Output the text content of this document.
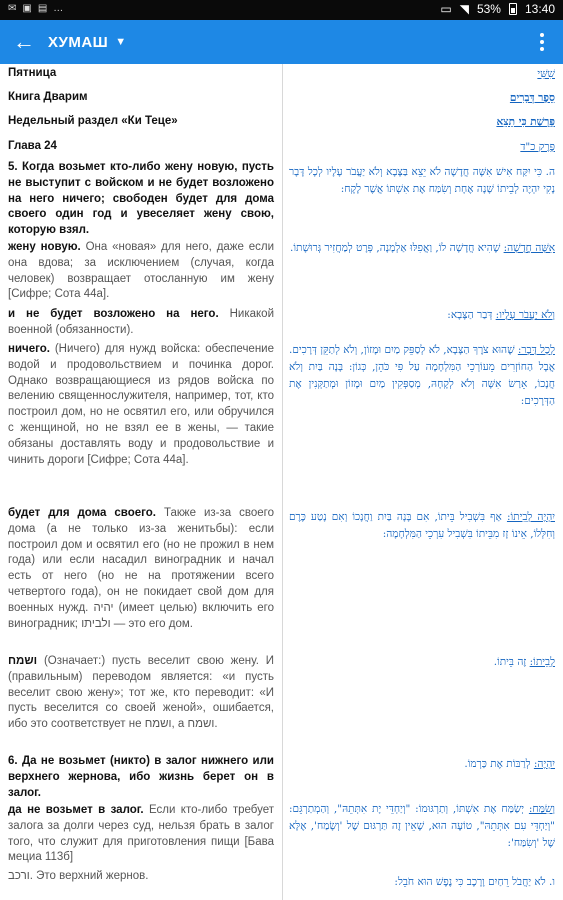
✉ ▣ ▤ …	▭ ◥ 53% 13:40
← ХУМАШ ▼
Пятница
Книга Дварим
Недельный раздел «Ки Теце»
Глава 24
5. Когда возьмет кто-либо жену новую, пусть не выступит с войском и не будет возложено на него ничего; свободен будет для дома своего один год и увеселяет жену свою, которую взял.
жену новую. Она «новая» для него, даже если она вдова; за исключением (случая, когда человек) возвращает отосланную им жену [Сифре; Сота 44а].
и не будет возложено на него. Никакой военной (обязанности).
ничего. (Ничего) для нужд войска: обеспечение водой и продовольствием и починка дорог. Однако возвращающиеся из рядов войска по велению священнослужителя, например, тот, кто построил дом, но не освятил его, или обручился с женщиной, но не взял ее в жены, — такие обязаны доставлять воду и продовольствие и чинить дороги [Сифре; Сота 44а].
будет для дома своего. Также из-за своего дома (а не только из-за женитьбы): если построил дом и освятил его (но не прожил в нем года) или если насадил виноградник и начал есть от него (но не на протяжении всего четвертого года), он не покидает свой дом для военных нужд. יהיה (имеет целью) включить его виноградник; ולביתו — это его дом.
ושמח (Означает:) пусть веселит свою жену. И (правильным) переводом является: «и пусть веселит свою жену»; тот же, кто переводит: «И пусть веселится со своей женой», ошибается, ибо это соответствует не ושמח, а ושמח.
6. Да не возьмет (никто) в залог нижнего или верхнего жернова, ибо жизнь берет он в залог.
да не возьмет в залог. Если кто-либо требует залога за долги через суд, нельзя брать в залог того, что служит для приготовления пищи [Бава мециа 113б]
ורכב. Это верхний жернов.
שִׁשִּׁי
סֵפֶר דְּבָרִים
פָּרָשַׁת כִּי תֵצֵא
פֶּרֶק כ"ד
ה. כִּי יִקַּח אִישׁ אִשָּׁה חֲדָשָׁה לֹא יֵצֵא בַּצָּבָא וְלֹא יַעֲבֹר עָלָיו לְכָל דָּבָר נָקִי יִהְיֶה לְבֵיתוֹ שָׁנָה אֶחָת וְשִׂמַּח אֶת אִשְׁתּוֹ אֲשֶׁר לָקָח:
אִשָּׁה חֲדָשָׁה: שֶׁהִיא חֲדָשָׁה לוֹ, וַאֲפִלּוּ אַלְמָנָה, פְּרָט לְמַחֲזִיר גְּרוּשָׁתוֹ.
וְלֹא יַעֲבֹר עָלָיו: דְּבַר הַצָּבָא:
לְכָל דָּבָר: שֶׁהוּא צֹרֶךְ הַצָּבָא, לֹא לְסַפֵּק מַיִם וּמָזוֹן, וְלֹא לְתַקֵּן דְּרָכִים. אֲבָל הַחוֹזְרִים מֵעוֹרְכֵי הַמִּלְחָמָה עַל פִּי כֹּהֵן, כְּגוֹן: בָּנָה בַּיִת וְלֹא חֲנָכוֹ, אֵרַשׂ אִשָּׁה וְלֹא לְקָחָהּ, מְסַפְּקִין מַיִם וּמָזוֹן וּמְתַקְּנִין אֶת הַדְּרָכִים:
יִהְיֶה לְבֵיתוֹ: אַף בִּשְׁבִיל בֵּיתוֹ, אִם בָּנָה בַּיִת וַחֲנָכוֹ וְאִם נָטַע כֶּרֶם וְחִלְּלוֹ, אֵינוֹ זָז מִבֵּיתוֹ בִּשְׁבִיל עִרְכֵי הַמִּלְחָמָה:
לְבֵיתוֹ: זֶה בֵּיתוֹ.
יִהְיֶה: לְרַבּוֹת אֶת כַּרְמוֹ.
וְשִׂמַּח: יְשַׂמַּח אֶת אִשְׁתּוֹ, וְתַרְגּוּמוֹ: "וְיַחְדֵּי יָת אִתְּתֵהּ", וְהַמְתַרְגֵּם: "וְיַחְדֵּי עִם אִתְּתֵהּ", טוֹעֶה הוּא, שֶׁאֵין זֶה תַּרְגּוּם שֶׁל 'וְשָׂמַח', אֶלָּא שֶׁל 'וְשִׂמַּח':
ו. לֹא יַחֲבֹל רֵחַיִם וָרָכֶב כִּי נֶפֶשׁ הוּא חֹבֵל:
